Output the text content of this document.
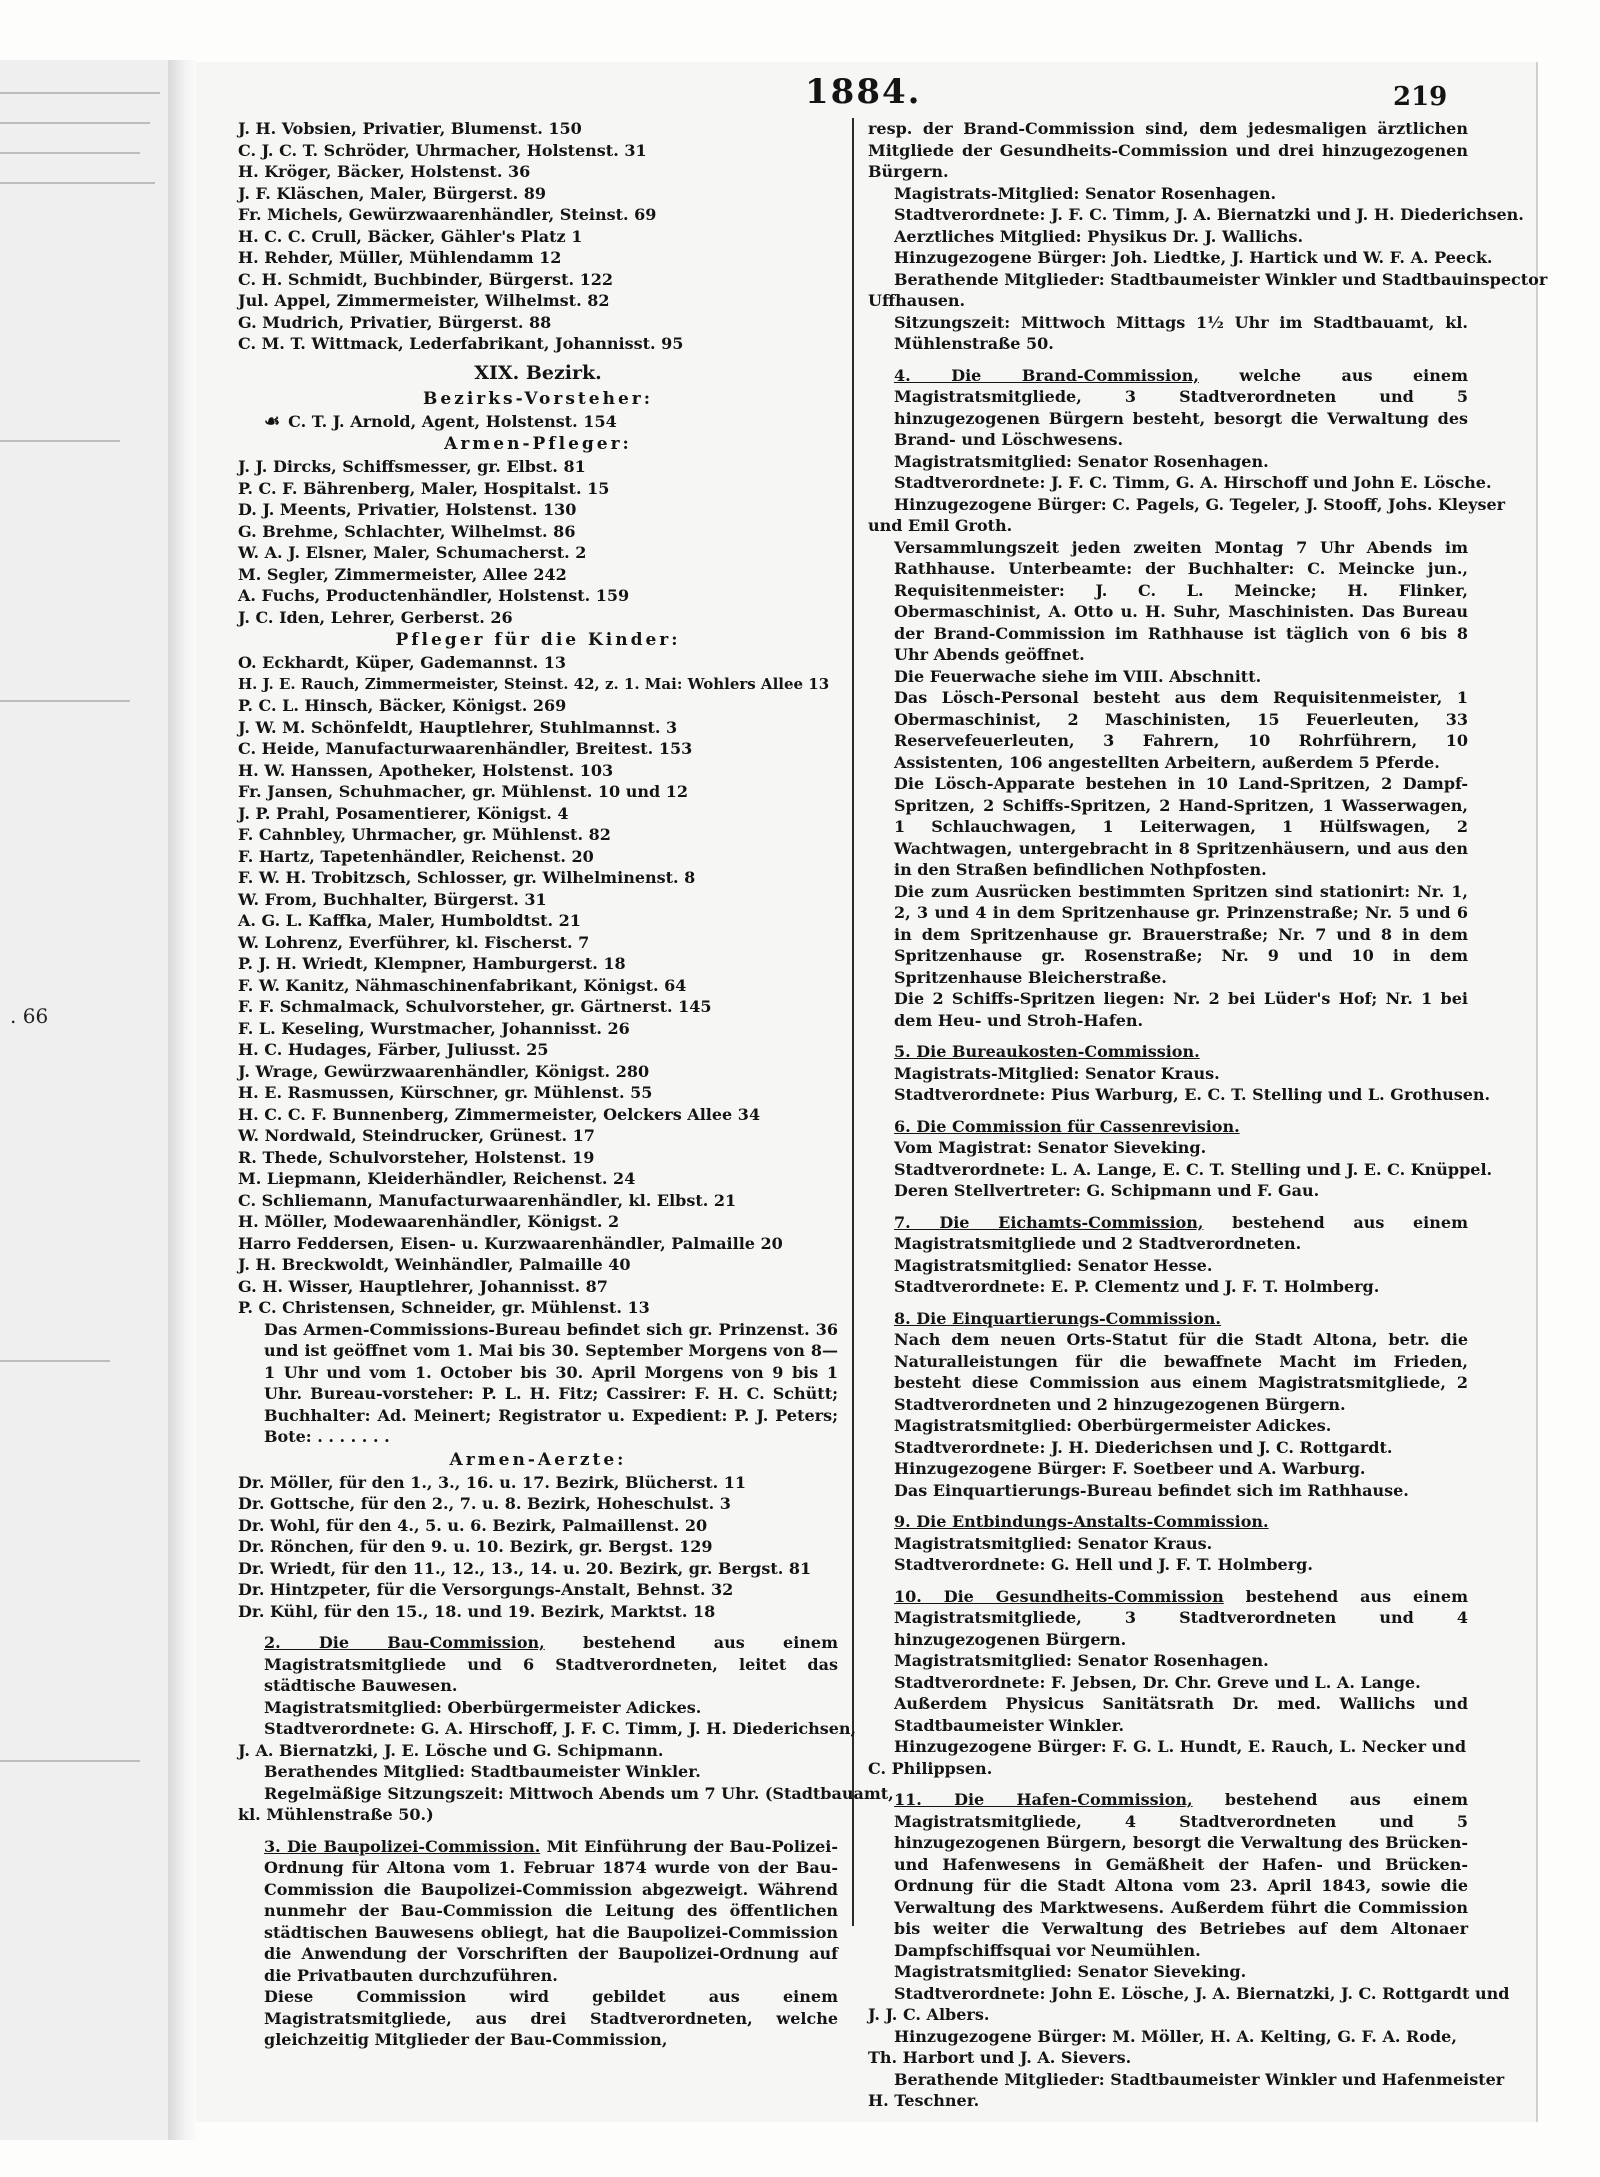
. 66
1884.	219
J. H. Vobsien, Privatier, Blumenst. 150
C. J. C. T. Schröder, Uhrmacher, Holstenst. 31
H. Kröger, Bäcker, Holstenst. 36
J. F. Kläschen, Maler, Bürgerst. 89
Fr. Michels, Gewürzwaarenhändler, Steinst. 69
H. C. C. Crull, Bäcker, Gähler's Platz 1
H. Rehder, Müller, Mühlendamm 12
C. H. Schmidt, Buchbinder, Bürgerst. 122
Jul. Appel, Zimmermeister, Wilhelmst. 82
G. Mudrich, Privatier, Bürgerst. 88
C. M. T. Wittmack, Lederfabrikant, Johannisst. 95
XIX. Bezirk.
Bezirks-Vorsteher:
☙ C. T. J. Arnold, Agent, Holstenst. 154
Armen-Pfleger:
J. J. Dircks, Schiffsmesser, gr. Elbst. 81
P. C. F. Bährenberg, Maler, Hospitalst. 15
D. J. Meents, Privatier, Holstenst. 130
G. Brehme, Schlachter, Wilhelmst. 86
W. A. J. Elsner, Maler, Schumacherst. 2
M. Segler, Zimmermeister, Allee 242
A. Fuchs, Productenhändler, Holstenst. 159
J. C. Iden, Lehrer, Gerberst. 26
Pfleger für die Kinder:
O. Eckhardt, Küper, Gademannst. 13
H. J. E. Rauch, Zimmermeister, Steinst. 42, z. 1. Mai: Wohlers Allee 13
P. C. L. Hinsch, Bäcker, Königst. 269
J. W. M. Schönfeldt, Hauptlehrer, Stuhlmannst. 3
C. Heide, Manufacturwaarenhändler, Breitest. 153
H. W. Hanssen, Apotheker, Holstenst. 103
Fr. Jansen, Schuhmacher, gr. Mühlenst. 10 und 12
J. P. Prahl, Posamentierer, Königst. 4
F. Cahnbley, Uhrmacher, gr. Mühlenst. 82
F. Hartz, Tapetenhändler, Reichenst. 20
F. W. H. Trobitzsch, Schlosser, gr. Wilhelminenst. 8
W. From, Buchhalter, Bürgerst. 31
A. G. L. Kaffka, Maler, Humboldtst. 21
W. Lohrenz, Everführer, kl. Fischerst. 7
P. J. H. Wriedt, Klempner, Hamburgerst. 18
F. W. Kanitz, Nähmaschinenfabrikant, Königst. 64
F. F. Schmalmack, Schulvorsteher, gr. Gärtnerst. 145
F. L. Keseling, Wurstmacher, Johannisst. 26
H. C. Hudages, Färber, Juliusst. 25
J. Wrage, Gewürzwaarenhändler, Königst. 280
H. E. Rasmussen, Kürschner, gr. Mühlenst. 55
H. C. C. F. Bunnenberg, Zimmermeister, Oelckers Allee 34
W. Nordwald, Steindrucker, Grünest. 17
R. Thede, Schulvorsteher, Holstenst. 19
M. Liepmann, Kleiderhändler, Reichenst. 24
C. Schliemann, Manufacturwaarenhändler, kl. Elbst. 21
H. Möller, Modewaarenhändler, Königst. 2
Harro Feddersen, Eisen- u. Kurzwaarenhändler, Palmaille 20
J. H. Breckwoldt, Weinhändler, Palmaille 40
G. H. Wisser, Hauptlehrer, Johannisst. 87
P. C. Christensen, Schneider, gr. Mühlenst. 13
Das Armen-Commissions-Bureau befindet sich gr. Prinzenst. 36 und ist geöffnet vom 1. Mai bis 30. September Morgens von 8—1 Uhr und vom 1. October bis 30. April Morgens von 9 bis 1 Uhr. Bureau-vorsteher: P. L. H. Fitz; Cassirer: F. H. C. Schütt; Buchhalter: Ad. Meinert; Registrator u. Expedient: P. J. Peters; Bote: . . . . . . .
Armen-Aerzte:
Dr. Möller, für den 1., 3., 16. u. 17. Bezirk, Blücherst. 11
Dr. Gottsche, für den 2., 7. u. 8. Bezirk, Hoheschulst. 3
Dr. Wohl, für den 4., 5. u. 6. Bezirk, Palmaillenst. 20
Dr. Rönchen, für den 9. u. 10. Bezirk, gr. Bergst. 129
Dr. Wriedt, für den 11., 12., 13., 14. u. 20. Bezirk, gr. Bergst. 81
Dr. Hintzpeter, für die Versorgungs-Anstalt, Behnst. 32
Dr. Kühl, für den 15., 18. und 19. Bezirk, Marktst. 18
2. Die Bau-Commission, bestehend aus einem Magistratsmitgliede und 6 Stadtverordneten, leitet das städtische Bauwesen.
Magistratsmitglied: Oberbürgermeister Adickes.
Stadtverordnete: G. A. Hirschoff, J. F. C. Timm, J. H. Diederichsen,
J. A. Biernatzki, J. E. Lösche und G. Schipmann.
Berathendes Mitglied: Stadtbaumeister Winkler.
Regelmäßige Sitzungszeit: Mittwoch Abends um 7 Uhr. (Stadtbauamt,
kl. Mühlenstraße 50.)
3. Die Baupolizei-Commission. Mit Einführung der Bau-Polizei-Ordnung für Altona vom 1. Februar 1874 wurde von der Bau-Commission die Baupolizei-Commission abgezweigt. Während nunmehr der Bau-Commission die Leitung des öffentlichen städtischen Bauwesens obliegt, hat die Baupolizei-Commission die Anwendung der Vorschriften der Baupolizei-Ordnung auf die Privatbauten durchzuführen.
Diese Commission wird gebildet aus einem Magistratsmitgliede, aus drei Stadtverordneten, welche gleichzeitig Mitglieder der Bau-Commission,
resp. der Brand-Commission sind, dem jedesmaligen ärztlichen Mitgliede der Gesundheits-Commission und drei hinzugezogenen Bürgern.
Magistrats-Mitglied: Senator Rosenhagen.
Stadtverordnete: J. F. C. Timm, J. A. Biernatzki und J. H. Diederichsen.
Aerztliches Mitglied: Physikus Dr. J. Wallichs.
Hinzugezogene Bürger: Joh. Liedtke, J. Hartick und W. F. A. Peeck.
Berathende Mitglieder: Stadtbaumeister Winkler und Stadtbauinspector
Uffhausen.
Sitzungszeit: Mittwoch Mittags 1½ Uhr im Stadtbauamt, kl. Mühlenstraße 50.
4. Die Brand-Commission, welche aus einem Magistratsmitgliede, 3 Stadtverordneten und 5 hinzugezogenen Bürgern besteht, besorgt die Verwaltung des Brand- und Löschwesens.
Magistratsmitglied: Senator Rosenhagen.
Stadtverordnete: J. F. C. Timm, G. A. Hirschoff und John E. Lösche.
Hinzugezogene Bürger: C. Pagels, G. Tegeler, J. Stooff, Johs. Kleyser
und Emil Groth.
Versammlungszeit jeden zweiten Montag 7 Uhr Abends im Rathhause. Unterbeamte: der Buchhalter: C. Meincke jun., Requisitenmeister: J. C. L. Meincke; H. Flinker, Obermaschinist, A. Otto u. H. Suhr, Maschinisten. Das Bureau der Brand-Commission im Rathhause ist täglich von 6 bis 8 Uhr Abends geöffnet.
Die Feuerwache siehe im VIII. Abschnitt.
Das Lösch-Personal besteht aus dem Requisitenmeister, 1 Obermaschinist, 2 Maschinisten, 15 Feuerleuten, 33 Reservefeuerleuten, 3 Fahrern, 10 Rohrführern, 10 Assistenten, 106 angestellten Arbeitern, außerdem 5 Pferde.
Die Lösch-Apparate bestehen in 10 Land-Spritzen, 2 Dampf-Spritzen, 2 Schiffs-Spritzen, 2 Hand-Spritzen, 1 Wasserwagen, 1 Schlauchwagen, 1 Leiterwagen, 1 Hülfswagen, 2 Wachtwagen, untergebracht in 8 Spritzenhäusern, und aus den in den Straßen befindlichen Nothpfosten.
Die zum Ausrücken bestimmten Spritzen sind stationirt: Nr. 1, 2, 3 und 4 in dem Spritzenhause gr. Prinzenstraße; Nr. 5 und 6 in dem Spritzenhause gr. Brauerstraße; Nr. 7 und 8 in dem Spritzenhause gr. Rosenstraße; Nr. 9 und 10 in dem Spritzenhause Bleicherstraße.
Die 2 Schiffs-Spritzen liegen: Nr. 2 bei Lüder's Hof; Nr. 1 bei dem Heu- und Stroh-Hafen.
5. Die Bureaukosten-Commission.
Magistrats-Mitglied: Senator Kraus.
Stadtverordnete: Pius Warburg, E. C. T. Stelling und L. Grothusen.
6. Die Commission für Cassenrevision.
Vom Magistrat: Senator Sieveking.
Stadtverordnete: L. A. Lange, E. C. T. Stelling und J. E. C. Knüppel.
Deren Stellvertreter: G. Schipmann und F. Gau.
7. Die Eichamts-Commission, bestehend aus einem Magistratsmitgliede und 2 Stadtverordneten.
Magistratsmitglied: Senator Hesse.
Stadtverordnete: E. P. Clementz und J. F. T. Holmberg.
8. Die Einquartierungs-Commission.
Nach dem neuen Orts-Statut für die Stadt Altona, betr. die Naturalleistungen für die bewaffnete Macht im Frieden, besteht diese Commission aus einem Magistratsmitgliede, 2 Stadtverordneten und 2 hinzugezogenen Bürgern.
Magistratsmitglied: Oberbürgermeister Adickes.
Stadtverordnete: J. H. Diederichsen und J. C. Rottgardt.
Hinzugezogene Bürger: F. Soetbeer und A. Warburg.
Das Einquartierungs-Bureau befindet sich im Rathhause.
9. Die Entbindungs-Anstalts-Commission.
Magistratsmitglied: Senator Kraus.
Stadtverordnete: G. Hell und J. F. T. Holmberg.
10. Die Gesundheits-Commission bestehend aus einem Magistratsmitgliede, 3 Stadtverordneten und 4 hinzugezogenen Bürgern.
Magistratsmitglied: Senator Rosenhagen.
Stadtverordnete: F. Jebsen, Dr. Chr. Greve und L. A. Lange.
Außerdem Physicus Sanitätsrath Dr. med. Wallichs und Stadtbaumeister Winkler.
Hinzugezogene Bürger: F. G. L. Hundt, E. Rauch, L. Necker und
C. Philippsen.
11. Die Hafen-Commission, bestehend aus einem Magistratsmitgliede, 4 Stadtverordneten und 5 hinzugezogenen Bürgern, besorgt die Verwaltung des Brücken- und Hafenwesens in Gemäßheit der Hafen- und Brücken-Ordnung für die Stadt Altona vom 23. April 1843, sowie die Verwaltung des Marktwesens. Außerdem führt die Commission bis weiter die Verwaltung des Betriebes auf dem Altonaer Dampfschiffsquai vor Neumühlen.
Magistratsmitglied: Senator Sieveking.
Stadtverordnete: John E. Lösche, J. A. Biernatzki, J. C. Rottgardt und
J. J. C. Albers.
Hinzugezogene Bürger: M. Möller, H. A. Kelting, G. F. A. Rode,
Th. Harbort und J. A. Sievers.
Berathende Mitglieder: Stadtbaumeister Winkler und Hafenmeister
H. Teschner.
